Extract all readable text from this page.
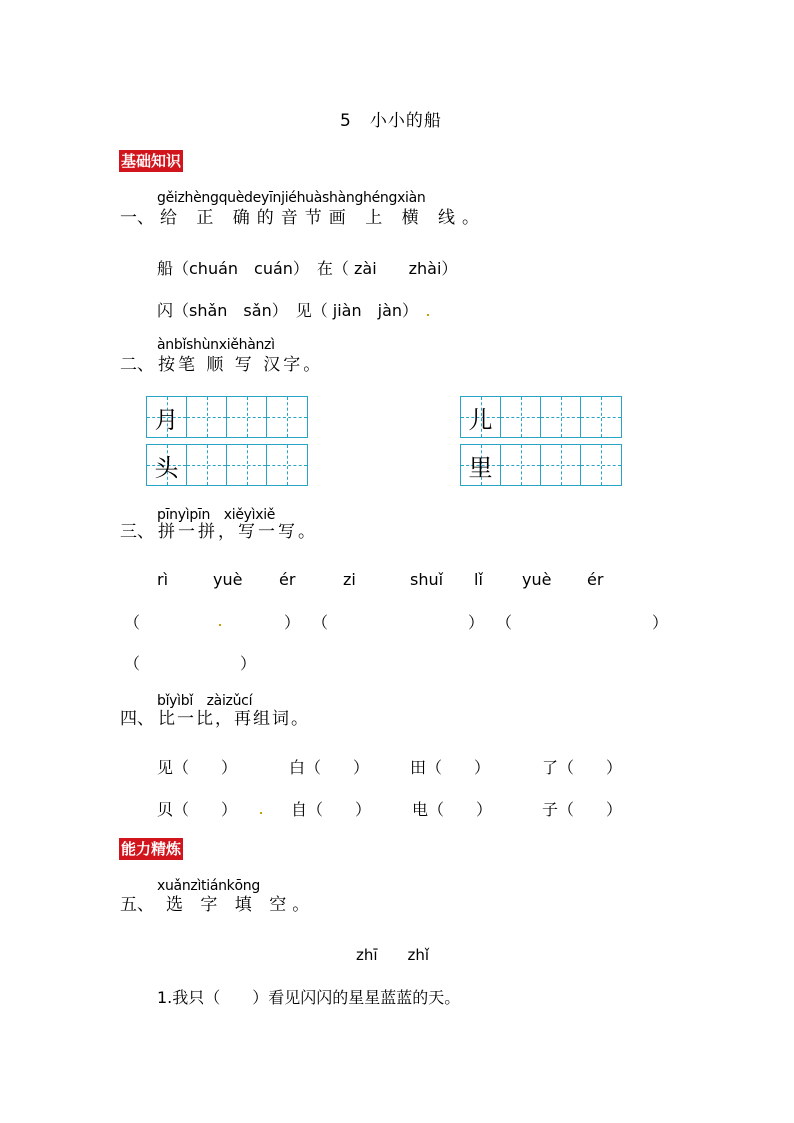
5　小小的船
基础知识
gěizhèngquèdeyīnjiéhuàshànghéngxiàn
一、 给 正 确的音节画 上 横 线。
船（chuán　cuán）　在（ zài　　zhài）
闪（shǎn　sǎn）　见（ jiàn　jàn）
ànbǐshùnxiěhànzì
二、 按笔 顺 写 汉字。
月	儿
头	里
pīnyìpīn　xiěyìxiě
三、 拼一拼，写一写。
rì	yuè ér	zi	shuǐ lǐ yuè ér
（	） （	） （	）
（	）
bǐyìbǐ　zàizǔcí
四、 比一比，再组词。
见（　　）	白（　　）	田（　　）	了（　　）
贝（　　）	自（　　）	电（　　）	子（　　）
能力精炼
xuǎnzìtiánkōng
五、 选 字 填 空。
zhī　　zhǐ
1.我只（　　）看见闪闪的星星蓝蓝的天。
